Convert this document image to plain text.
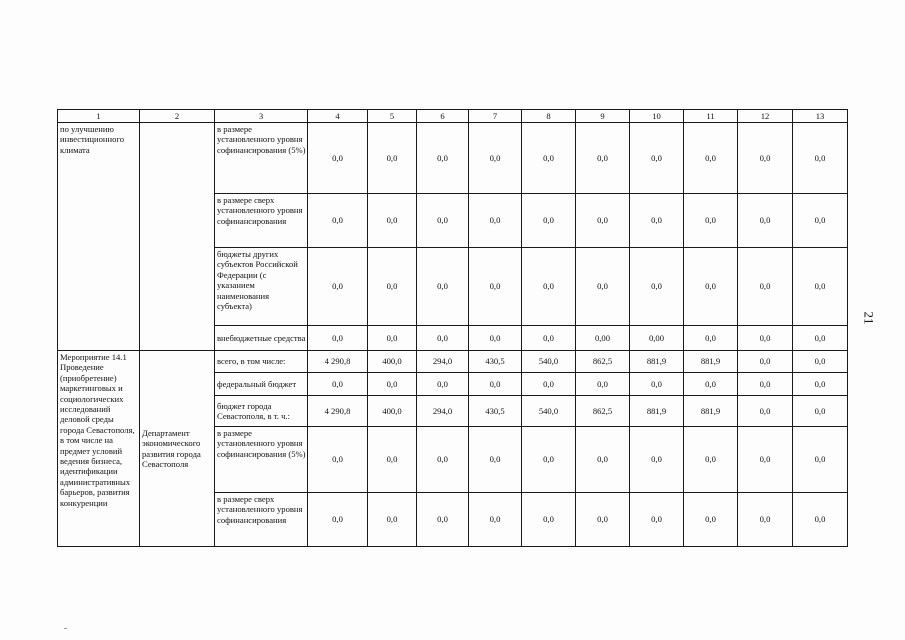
1	2	3	4	5	6	7	8	9	10	11	12	13
по улучшению инвестиционного климата		в размере установленного уровня софинансирования (5%)	0,0	0,0	0,0	0,0	0,0	0,0	0,0	0,0	0,0	0,0
		в размере сверх установленного уровня софинансирования	0,0	0,0	0,0	0,0	0,0	0,0	0,0	0,0	0,0	0,0
		бюджеты других субъектов Российской Федерации (с указанием наименования субъекта)	0,0	0,0	0,0	0,0	0,0	0,0	0,0	0,0	0,0	0,0
		внебюджетные средства	0,0	0,0	0,0	0,0	0,0	0,00	0,00	0,0	0,0	0,0
Мероприятие 14.1 Проведение (приобретение) маркетинговых и социологических исследований деловой среды города Севастополя, в том числе на предмет условий ведения бизнеса, идентификации административных барьеров, развития конкуренции	Департамент экономического развития города Севастополя	всего, в том числе:	4 290,8	400,0	294,0	430,5	540,0	862,5	881,9	881,9	0,0	0,0
		федеральный бюджет	0,0	0,0	0,0	0,0	0,0	0,0	0,0	0,0	0,0	0,0
		бюджет города Севастополя, в т. ч.:	4 290,8	400,0	294,0	430,5	540,0	862,5	881,9	881,9	0,0	0,0
		в размере установленного уровня софинансирования (5%)	0,0	0,0	0,0	0,0	0,0	0,0	0,0	0,0	0,0	0,0
		в размере сверх установленного уровня софинансирования	0,0	0,0	0,0	0,0	0,0	0,0	0,0	0,0	0,0	0,0
21
